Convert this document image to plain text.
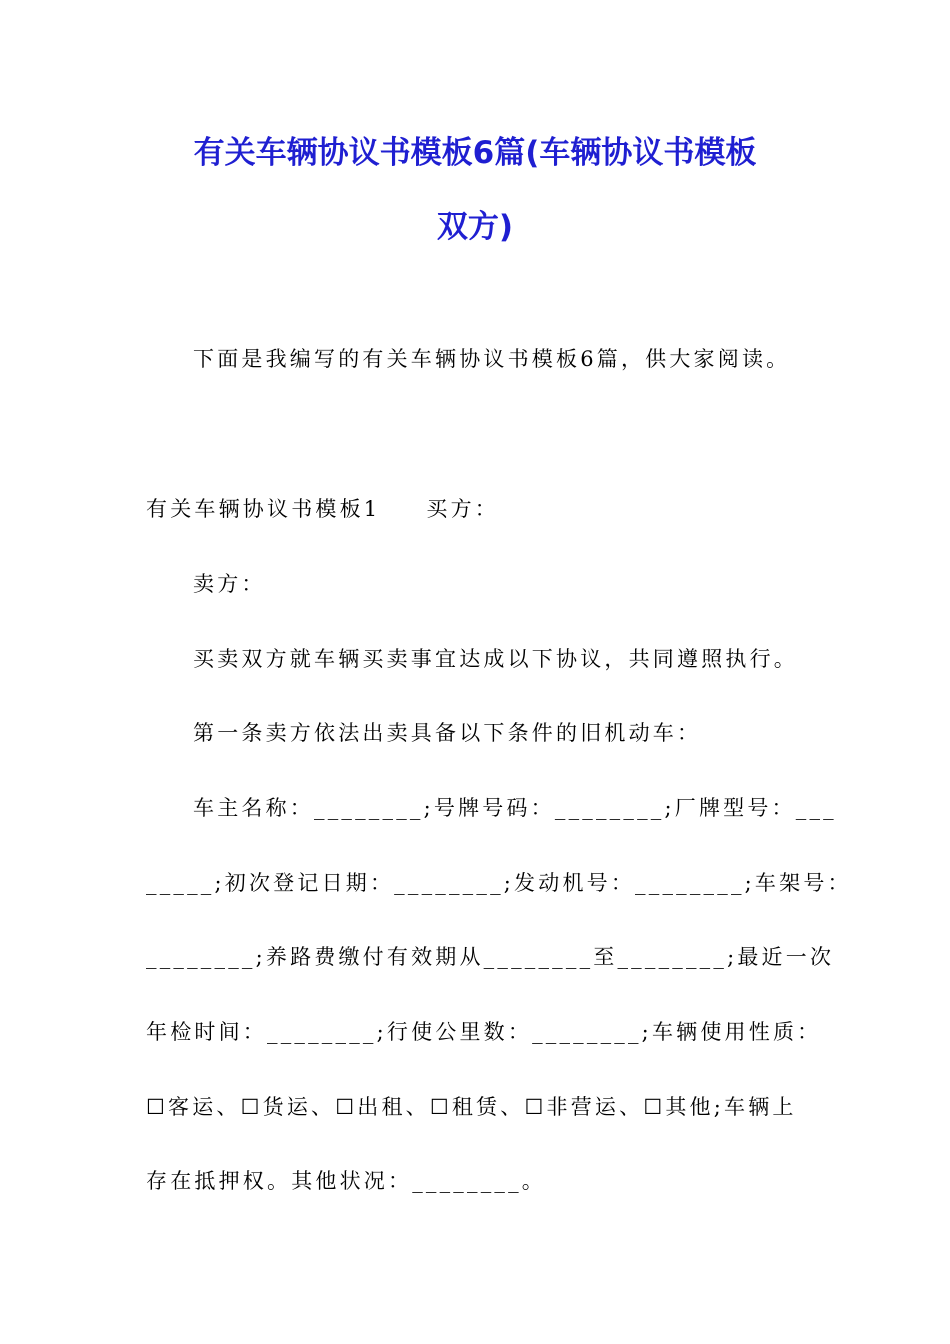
有关车辆协议书模板6篇(车辆协议书模板
双方)
下面是我编写的有关车辆协议书模板6篇，供大家阅读。
有关车辆协议书模板1 买方：
卖方：
买卖双方就车辆买卖事宜达成以下协议，共同遵照执行。
第一条卖方依法出卖具备以下条件的旧机动车：
车主名称：________;号牌号码：________;厂牌型号：___
_____;初次登记日期：________;发动机号：________;车架号：
________;养路费缴付有效期从________至________;最近一次
年检时间：________;行使公里数：________;车辆使用性质：
☐客运、☐货运、☐出租、☐租赁、☐非营运、☐其他;车辆上
存在抵押权。其他状况：________。
